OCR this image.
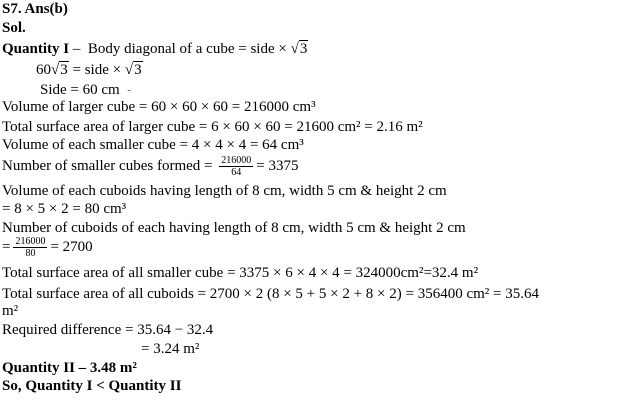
S7. Ans(b)
Sol.
Quantity I – Body diagonal of a cube = side × √3
60√3 = side × √3
Side = 60 cm -
Volume of larger cube = 60 × 60 × 60 = 216000 cm³
Total surface area of larger cube = 6 × 60 × 60 = 21600 cm² = 2.16 m²
Volume of each smaller cube = 4 × 4 × 4 = 64 cm³
Number of smaller cubes formed = $\frac{216000}{64} = 3375$
Volume of each cuboids having length of 8 cm, width 5 cm & height 2 cm
= 8 × 5 × 2 = 80 cm³
Number of cuboids of each having length of 8 cm, width 5 cm & height 2 cm
= $\frac{216000}{80} = 2700$
Total surface area of all smaller cube = 3375 × 6 × 4 × 4 = 324000cm²=32.4 m²
Total surface area of all cuboids = 2700 × 2 (8 × 5 + 5 × 2 + 8 × 2) = 356400 cm² = 35.64
m²
Required difference = 35.64 − 32.4
= 3.24 m²
Quantity II – 3.48 m²
So, Quantity I < Quantity II
